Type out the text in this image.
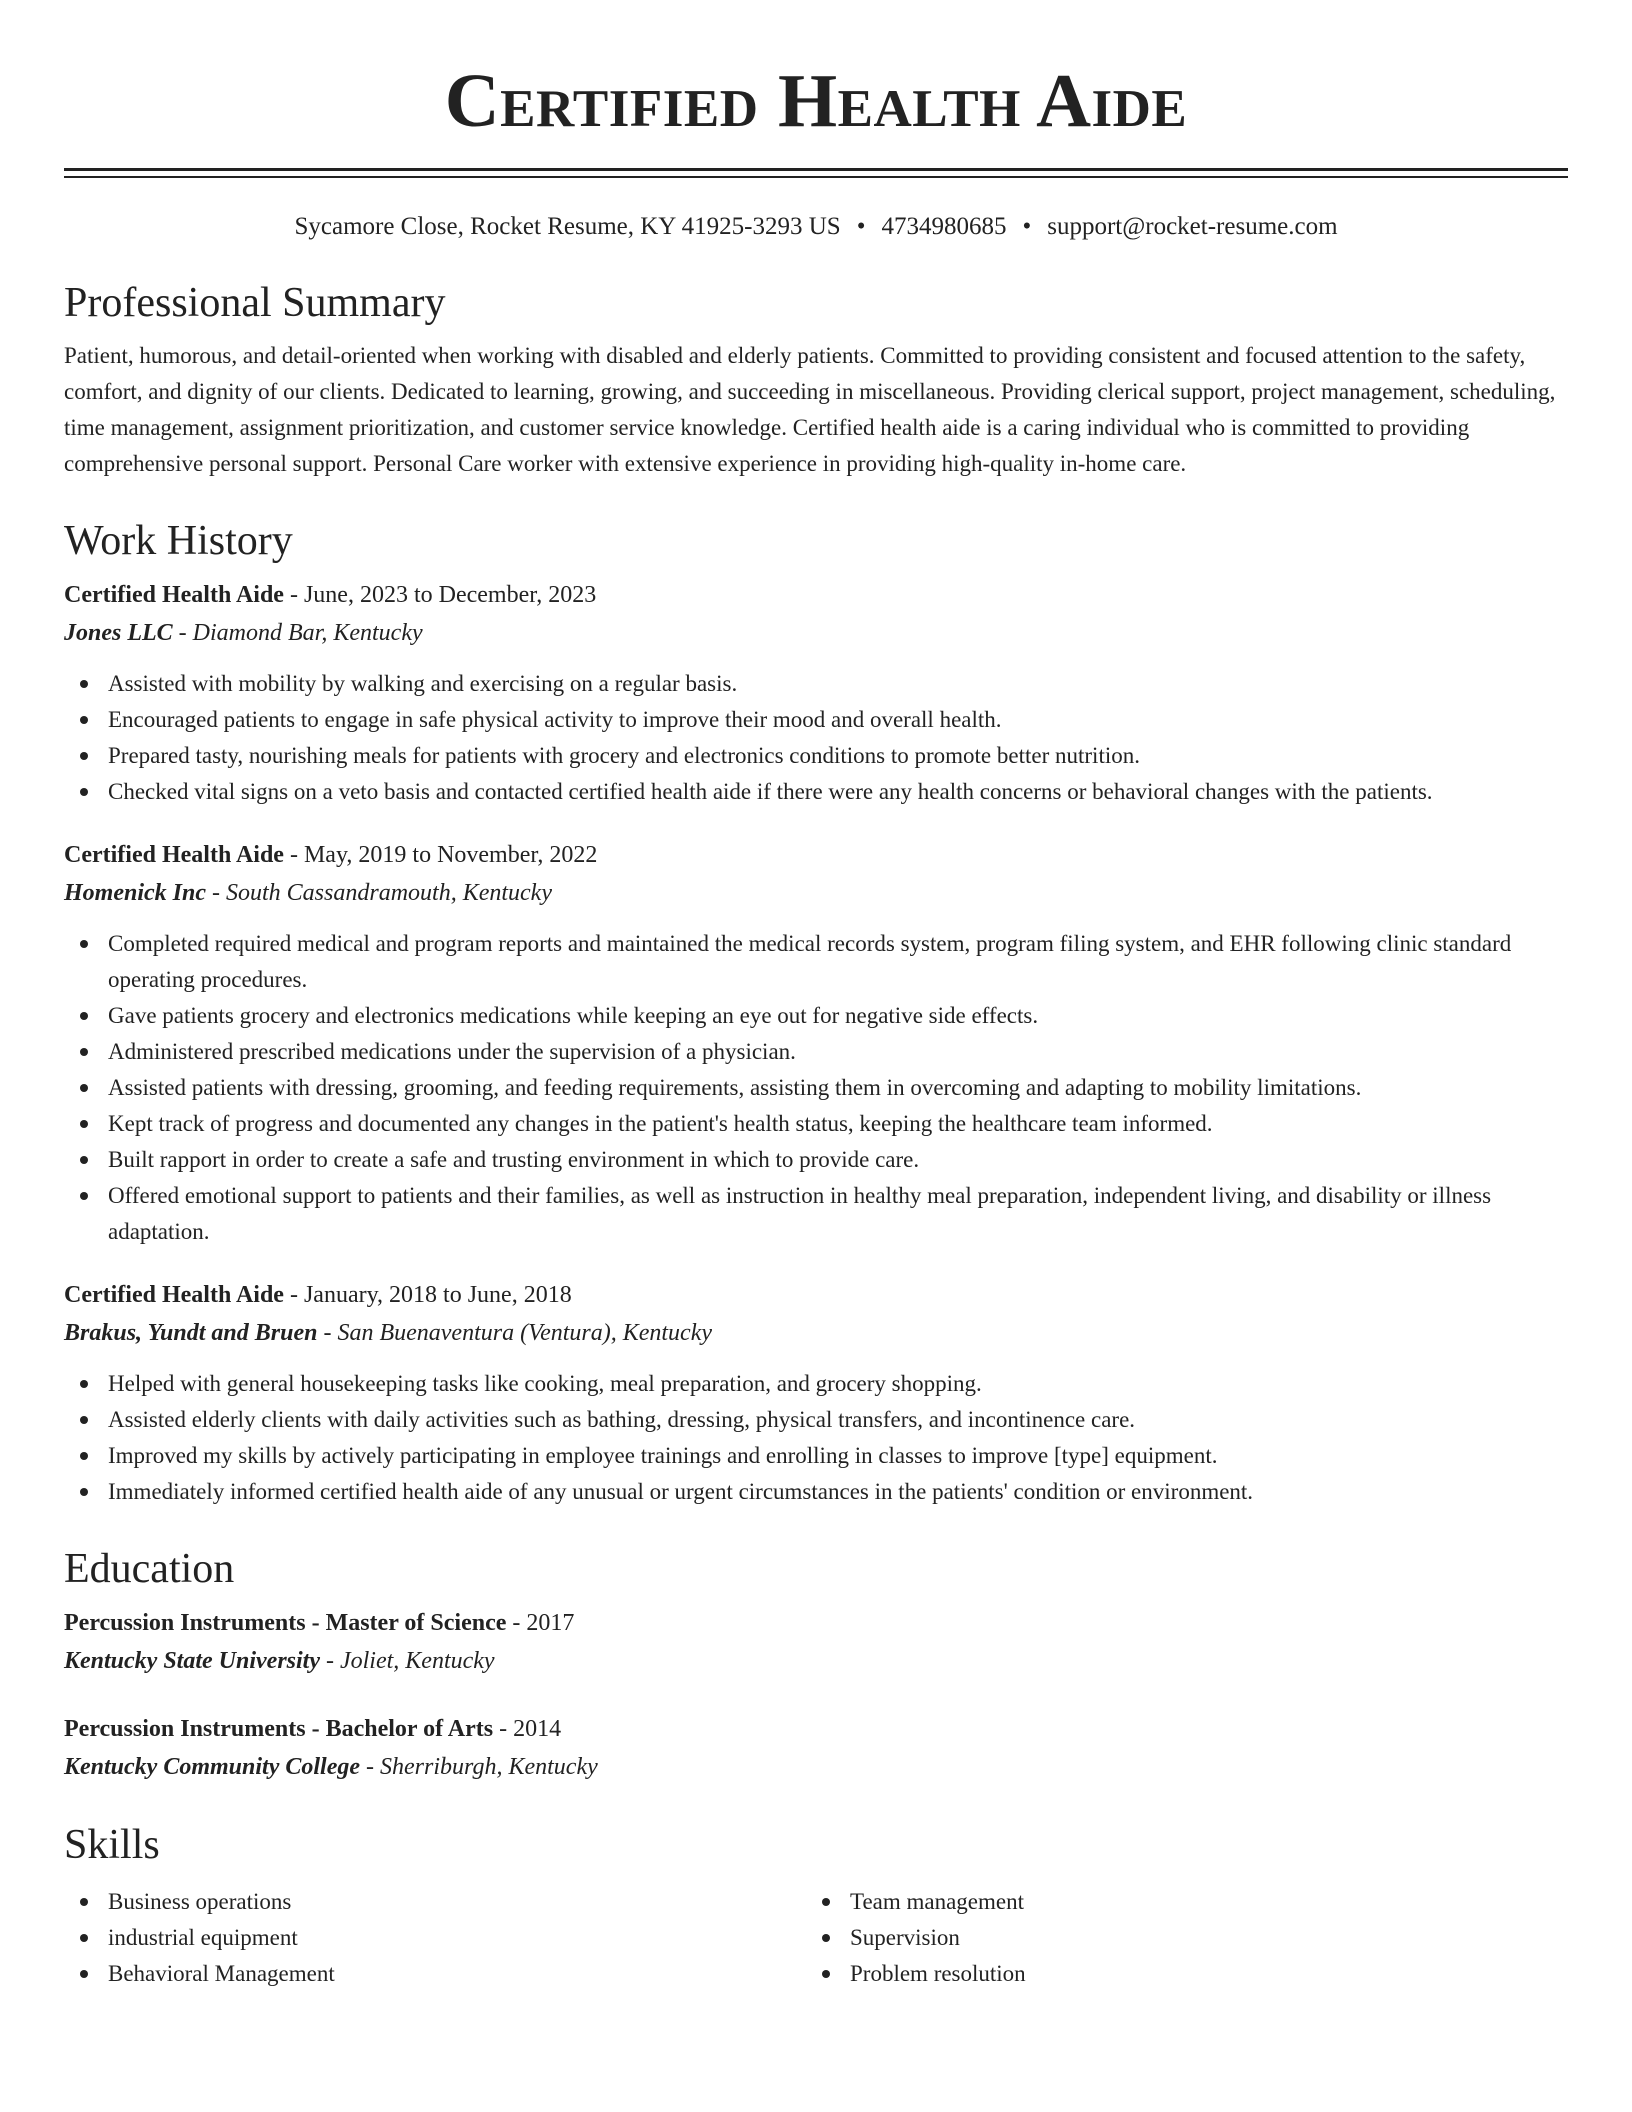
Certified Health Aide
Sycamore Close, Rocket Resume, KY 41925-3293 US • 4734980685 • support@rocket-resume.com
Professional Summary

Patient, humorous, and detail-oriented when working with disabled and elderly patients. Committed to providing consistent and focused attention to the safety, comfort, and dignity of our clients. Dedicated to learning, growing, and succeeding in miscellaneous. Providing clerical support, project management, scheduling, time management, assignment prioritization, and customer service knowledge. Certified health aide is a caring individual who is committed to providing comprehensive personal support. Personal Care worker with extensive experience in providing high-quality in-home care.

Work History
Certified Health Aide - June, 2023 to December, 2023
Jones LLC - Diamond Bar, Kentucky
Assisted with mobility by walking and exercising on a regular basis.
Encouraged patients to engage in safe physical activity to improve their mood and overall health.
Prepared tasty, nourishing meals for patients with grocery and electronics conditions to promote better nutrition.
Checked vital signs on a veto basis and contacted certified health aide if there were any health concerns or behavioral changes with the patients.
Certified Health Aide - May, 2019 to November, 2022
Homenick Inc - South Cassandramouth, Kentucky
Completed required medical and program reports and maintained the medical records system, program filing system, and EHR following clinic standard operating procedures.
Gave patients grocery and electronics medications while keeping an eye out for negative side effects.
Administered prescribed medications under the supervision of a physician.
Assisted patients with dressing, grooming, and feeding requirements, assisting them in overcoming and adapting to mobility limitations.
Kept track of progress and documented any changes in the patient's health status, keeping the healthcare team informed.
Built rapport in order to create a safe and trusting environment in which to provide care.
Offered emotional support to patients and their families, as well as instruction in healthy meal preparation, independent living, and disability or illness adaptation.
Certified Health Aide - January, 2018 to June, 2018
Brakus, Yundt and Bruen - San Buenaventura (Ventura), Kentucky
Helped with general housekeeping tasks like cooking, meal preparation, and grocery shopping.
Assisted elderly clients with daily activities such as bathing, dressing, physical transfers, and incontinence care.
Improved my skills by actively participating in employee trainings and enrolling in classes to improve [type] equipment.
Immediately informed certified health aide of any unusual or urgent circumstances in the patients' condition or environment.
Education
Percussion Instruments - Master of Science - 2017
Kentucky State University - Joliet, Kentucky
Percussion Instruments - Bachelor of Arts - 2014
Kentucky Community College - Sherriburgh, Kentucky
Skills
Business operations
industrial equipment
Behavioral Management
Team management
Supervision
Problem resolution
